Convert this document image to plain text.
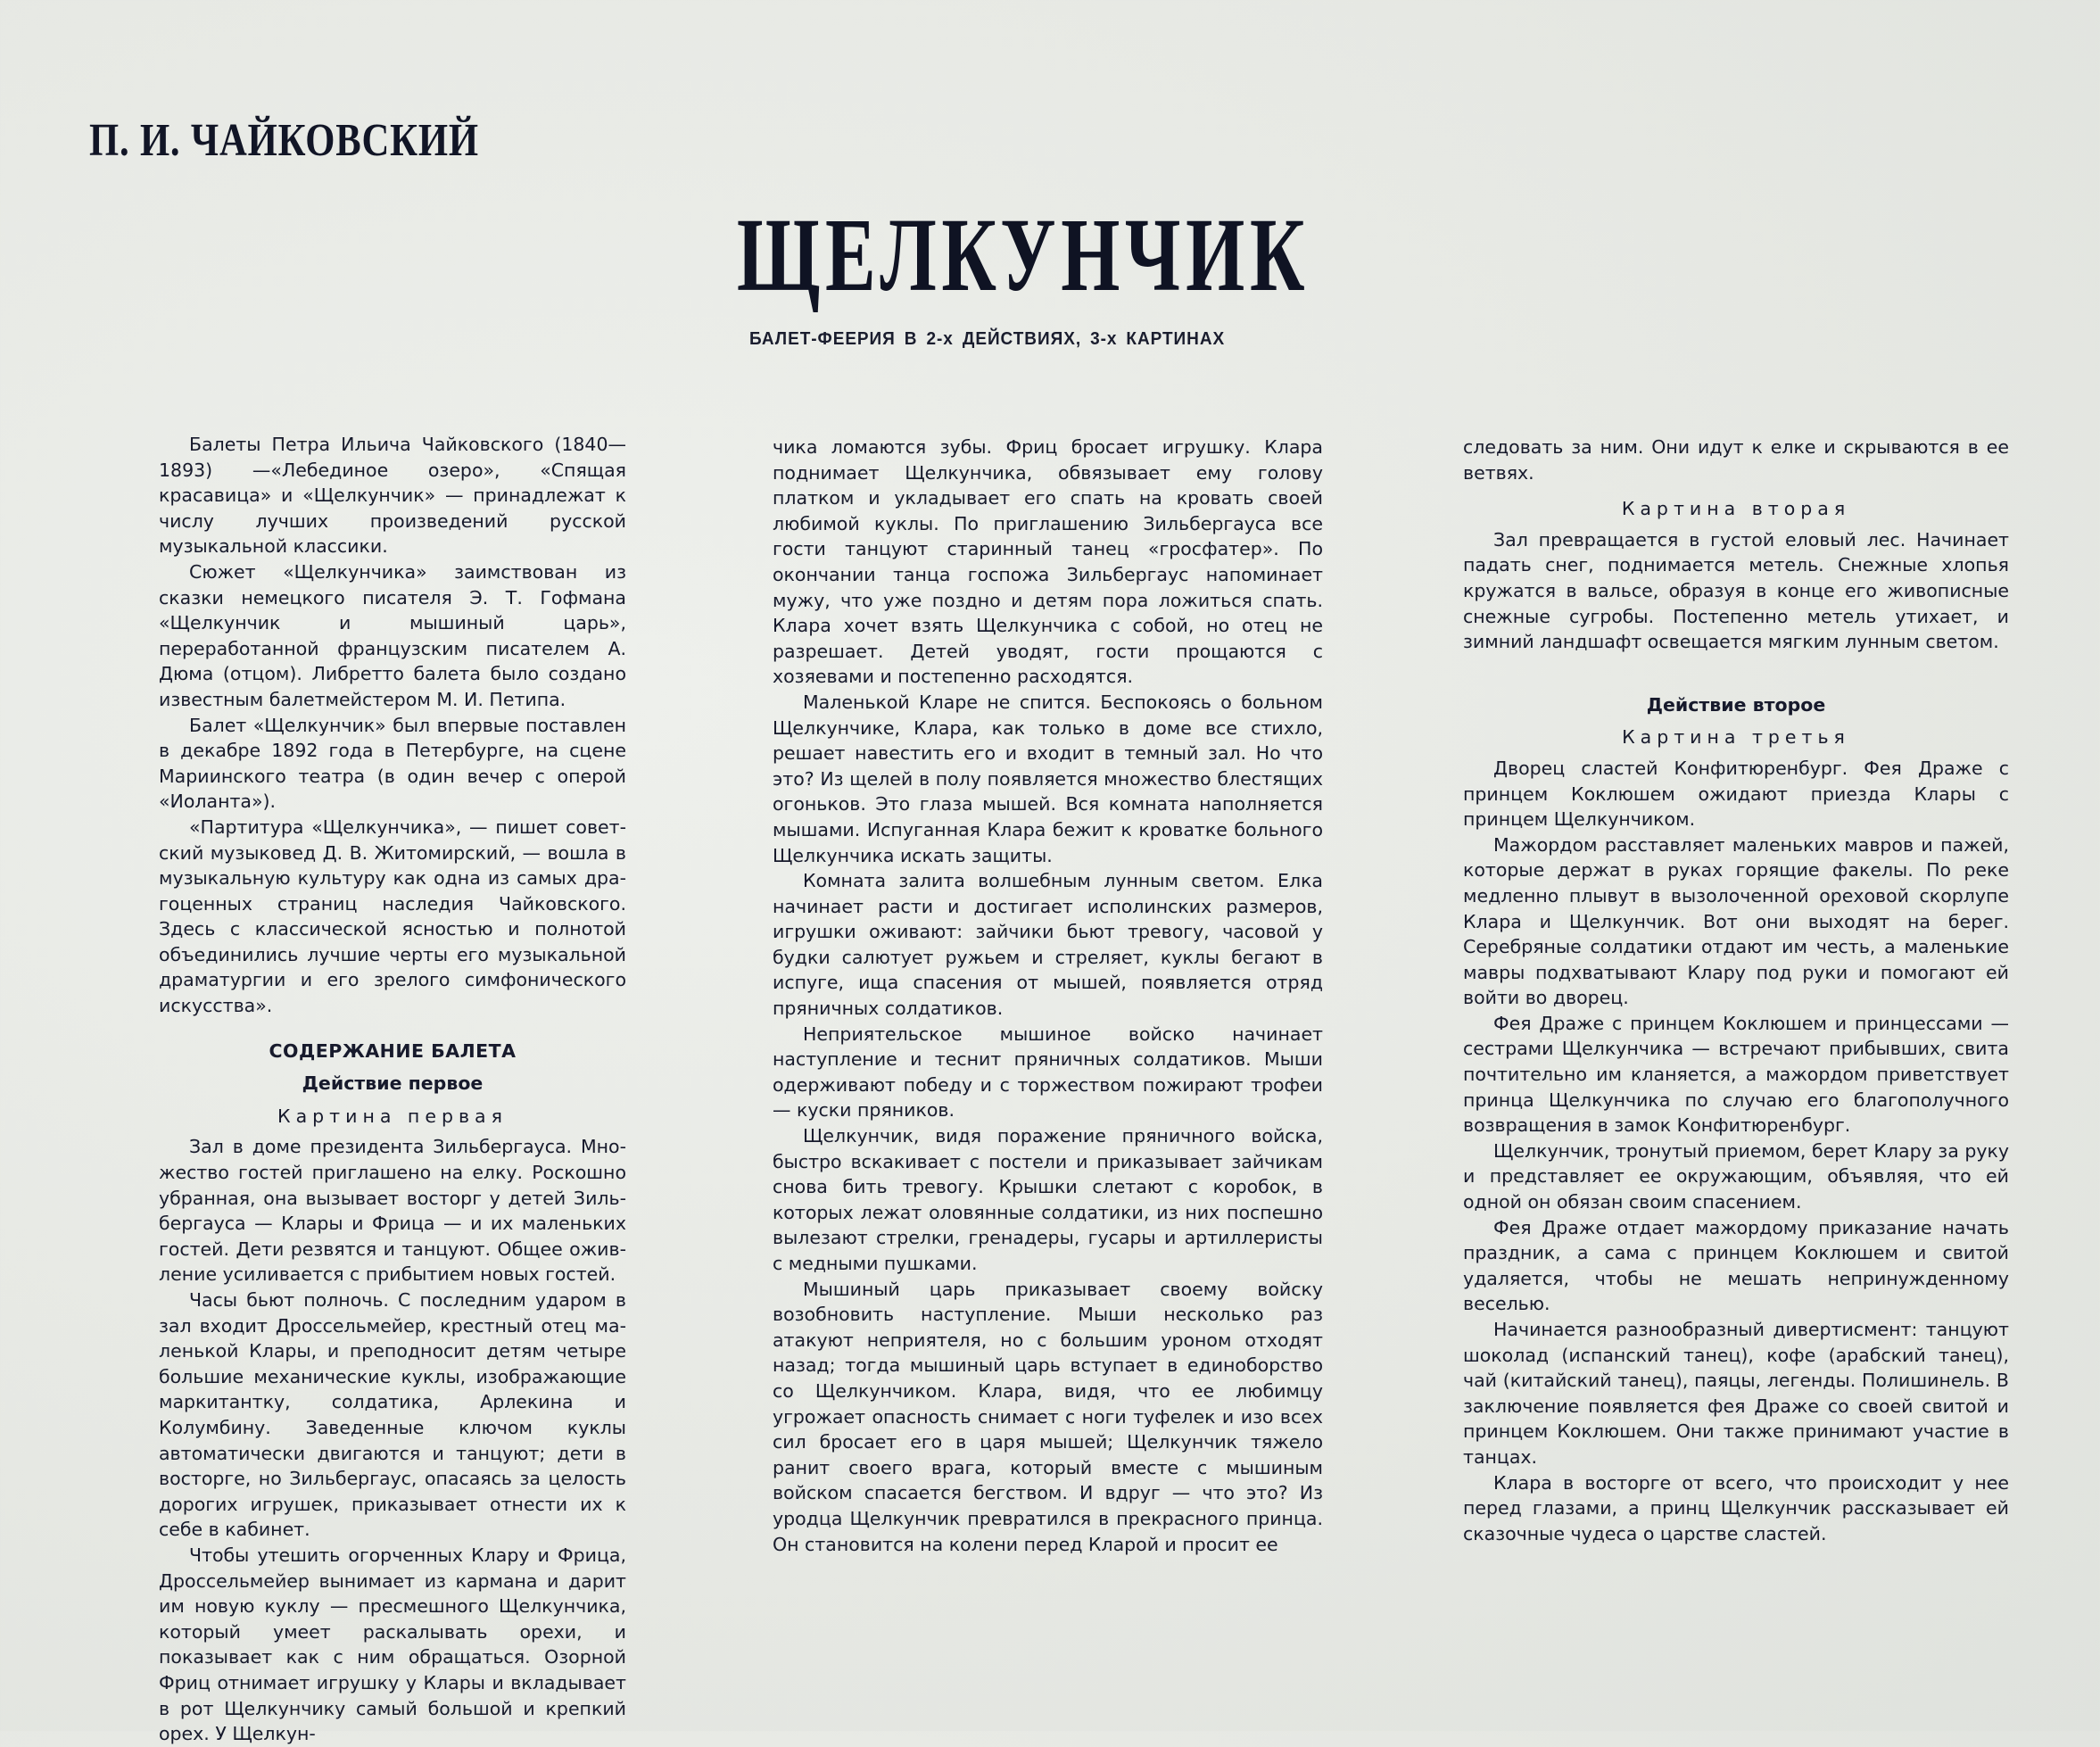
П. И. ЧАЙКОВСКИЙ
ЩЕЛКУНЧИК
БАЛЕТ-ФЕЕРИЯ В 2-х ДЕЙСТВИЯХ, 3-х КАРТИНАХ

Балеты Петра Ильича Чайковского (1840—1893) —«Лебединое озеро», «Спящая красавица» и «Щелкунчик» — принадлежат к числу лучших произведений русской музыкальной классики.

Сюжет «Щелкунчика» заимствован из сказки немецкого писателя Э. Т. Гофмана «Щелкунчик и мышиный царь», переработанной французским писателем А. Дюма (отцом). Либретто балета было создано известным балетмейстером М. И. Петипа.

Балет «Щелкунчик» был впервые поставлен в декабре 1892 года в Петербурге, на сцене Мариинского театра (в один вечер с оперой «Иоланта»).

«Партитура «Щелкунчика», — пишет советский музыковед Д. В. Житомирский, — вошла в музыкальную культуру как одна из самых драгоценных страниц наследия Чайковского. Здесь с классической ясностью и полнотой объединились лучшие черты его музыкальной драматургии и его зрелого симфонического искусства».

СОДЕРЖАНИЕ БАЛЕТА
Действие первое
Картина первая

Зал в доме президента Зильбергауса. Множество гостей приглашено на елку. Роскошно убранная, она вызывает восторг у детей Зильбергауса — Клары и Фрица — и их маленьких гостей. Дети резвятся и танцуют. Общее оживление усиливается с прибытием новых гостей.

Часы бьют полночь. С последним ударом в зал входит Дроссельмейер, крестный отец маленькой Клары, и преподносит детям четыре большие механические куклы, изображающие маркитантку, солдатика, Арлекина и Колумбину. Заведенные ключом куклы автоматически двигаются и танцуют; дети в восторге, но Зильбергаус, опасаясь за целость дорогих игрушек, приказывает отнести их к себе в кабинет.

Чтобы утешить огорченных Клару и Фрица, Дроссельмейер вынимает из кармана и дарит им новую куклу — пресмешного Щелкунчика, который умеет раскалывать орехи, и показывает как с ним обращаться. Озорной Фриц отнимает игрушку у Клары и вкладывает в рот Щелкунчику самый большой и крепкий орех. У Щелкун-

чика ломаются зубы. Фриц бросает игрушку. Клара поднимает Щелкунчика, обвязывает ему голову платком и укладывает его спать на кровать своей любимой куклы. По приглашению Зильбергауса все гости танцуют старинный танец «гросфатер». По окончании танца госпожа Зильбергаус напоминает мужу, что уже поздно и детям пора ложиться спать. Клара хочет взять Щелкунчика с собой, но отец не разрешает. Детей уводят, гости прощаются с хозяевами и постепенно расходятся.

Маленькой Кларе не спится. Беспокоясь о больном Щелкунчике, Клара, как только в доме все стихло, решает навестить его и входит в темный зал. Но что это? Из щелей в полу появляется множество блестящих огоньков. Это глаза мышей. Вся комната наполняется мышами. Испуганная Клара бежит к кроватке больного Щелкунчика искать защиты.

Комната залита волшебным лунным светом. Елка начинает расти и достигает исполинских размеров, игрушки оживают: зайчики бьют тревогу, часовой у будки салютует ружьем и стреляет, куклы бегают в испуге, ища спасения от мышей, появляется отряд пряничных солдатиков.

Неприятельское мышиное войско начинает наступление и теснит пряничных солдатиков. Мыши одерживают победу и с торжеством пожирают трофеи — куски пряников.

Щелкунчик, видя поражение пряничного войска, быстро вскакивает с постели и приказывает зайчикам снова бить тревогу. Крышки слетают с коробок, в которых лежат оловянные солдатики, из них поспешно вылезают стрелки, гренадеры, гусары и артиллеристы с медными пушками.

Мышиный царь приказывает своему войску возобновить наступление. Мыши несколько раз атакуют неприятеля, но с большим уроном отходят назад; тогда мышиный царь вступает в единоборство со Щелкунчиком. Клара, видя, что ее любимцу угрожает опасность снимает с ноги туфелек и изо всех сил бросает его в царя мышей; Щелкунчик тяжело ранит своего врага, который вместе с мышиным войском спасается бегством. И вдруг — что это? Из уродца Щелкунчик превратился в прекрасного принца. Он становится на колени перед Кларой и просит ее

следовать за ним. Они идут к елке и скрываются в ее ветвях.

Картина вторая

Зал превращается в густой еловый лес. Начинает падать снег, поднимается метель. Снежные хлопья кружатся в вальсе, образуя в конце его живописные снежные сугробы. Постепенно метель утихает, и зимний ландшафт освещается мягким лунным светом.

Действие второе
Картина третья

Дворец сластей Конфитюренбург. Фея Драже с принцем Коклюшем ожидают приезда Клары с принцем Щелкунчиком.

Мажордом расставляет маленьких мавров и пажей, которые держат в руках горящие факелы. По реке медленно плывут в вызолоченной ореховой скорлупе Клара и Щелкунчик. Вот они выходят на берег. Серебряные солдатики отдают им честь, а маленькие мавры подхватывают Клару под руки и помогают ей войти во дворец.

Фея Драже с принцем Коклюшем и принцессами — сестрами Щелкунчика — встречают прибывших, свита почтительно им кланяется, а мажордом приветствует принца Щелкунчика по случаю его благополучного возвращения в замок Конфитюренбург.

Щелкунчик, тронутый приемом, берет Клару за руку и представляет ее окружающим, объявляя, что ей одной он обязан своим спасением.

Фея Драже отдает мажордому приказание начать праздник, а сама с принцем Коклюшем и свитой удаляется, чтобы не мешать непринужденному веселью.

Начинается разнообразный дивертисмент: танцуют шоколад (испанский танец), кофе (арабский танец), чай (китайский танец), паяцы, легенды. Полишинель. В заключение появляется фея Драже со своей свитой и принцем Коклюшем. Они также принимают участие в танцах.

Клара в восторге от всего, что происходит у нее перед глазами, а принц Щелкунчик рассказывает ей сказочные чудеса о царстве сластей.
